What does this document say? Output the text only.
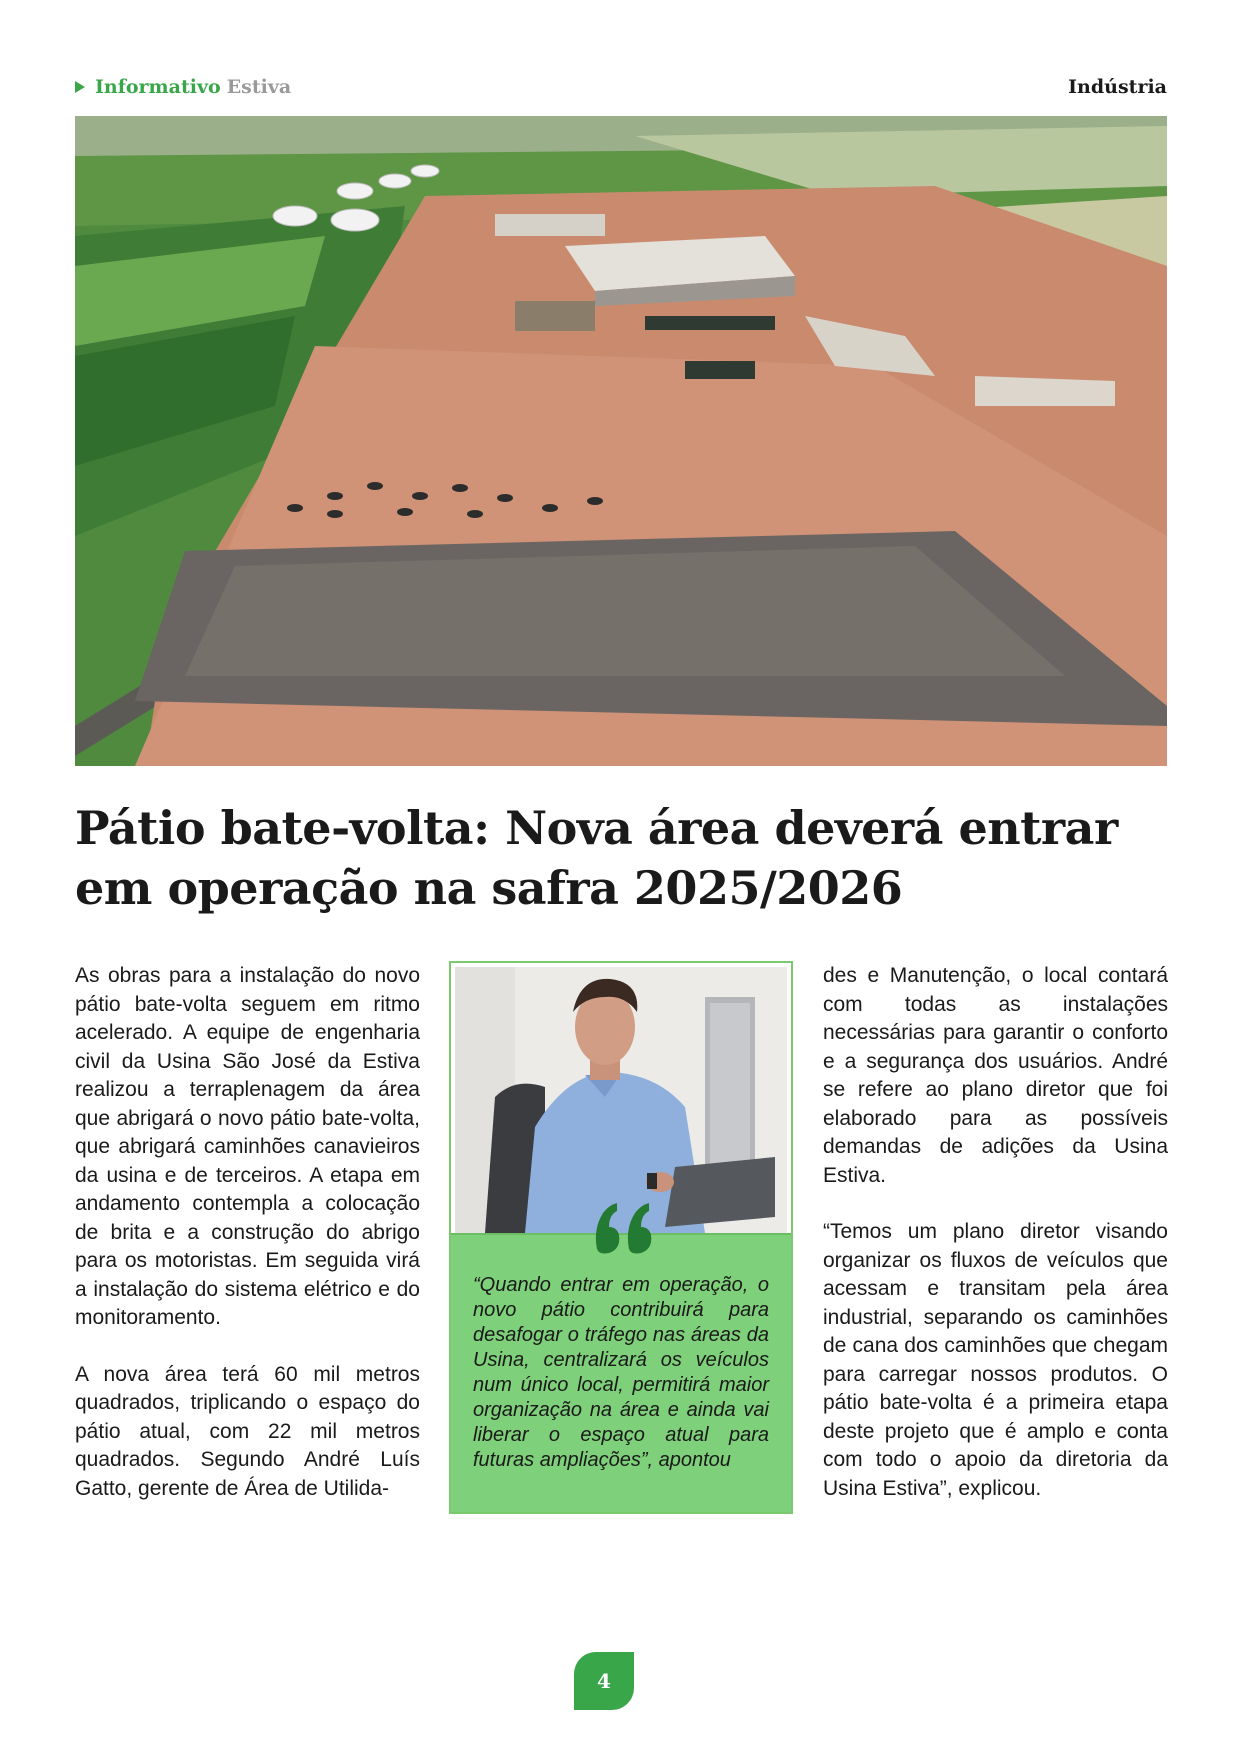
Informativo Estiva	Indústria
Pátio bate-volta: Nova área deverá entrar em operação na safra 2025/2026

As obras para a instalação do novo pátio bate-volta seguem em ritmo acelerado. A equipe de engenharia civil da Usina São José da Estiva realizou a terraplenagem da área que abrigará o novo pátio bate-volta, que abrigará caminhões canavieiros da usina e de terceiros. A etapa em andamento contempla a colocação de brita e a construção do abrigo para os motoristas. Em seguida virá a instalação do sistema elétrico e do monitoramento.

A nova área terá 60 mil metros quadrados, triplicando o espaço do pátio atual, com 22 mil metros quadrados. Segundo André Luís Gatto, gerente de Área de Utilida-

“Quando entrar em operação, o novo pátio contribuirá para desafogar o tráfego nas áreas da Usina, centralizará os veículos num único local, permitirá maior organização na área e ainda vai liberar o espaço atual para futuras ampliações”, apontou

des e Manutenção, o local contará com todas as instalações necessárias para garantir o conforto e a segurança dos usuários. André se refere ao plano diretor que foi elaborado para as possíveis demandas de adições da Usina Estiva.

“Temos um plano diretor visando organizar os fluxos de veículos que acessam e transitam pela área industrial, separando os caminhões de cana dos caminhões que chegam para carregar nossos produtos. O pátio bate-volta é a primeira etapa deste projeto que é amplo e conta com todo o apoio da diretoria da Usina Estiva”, explicou.

4
